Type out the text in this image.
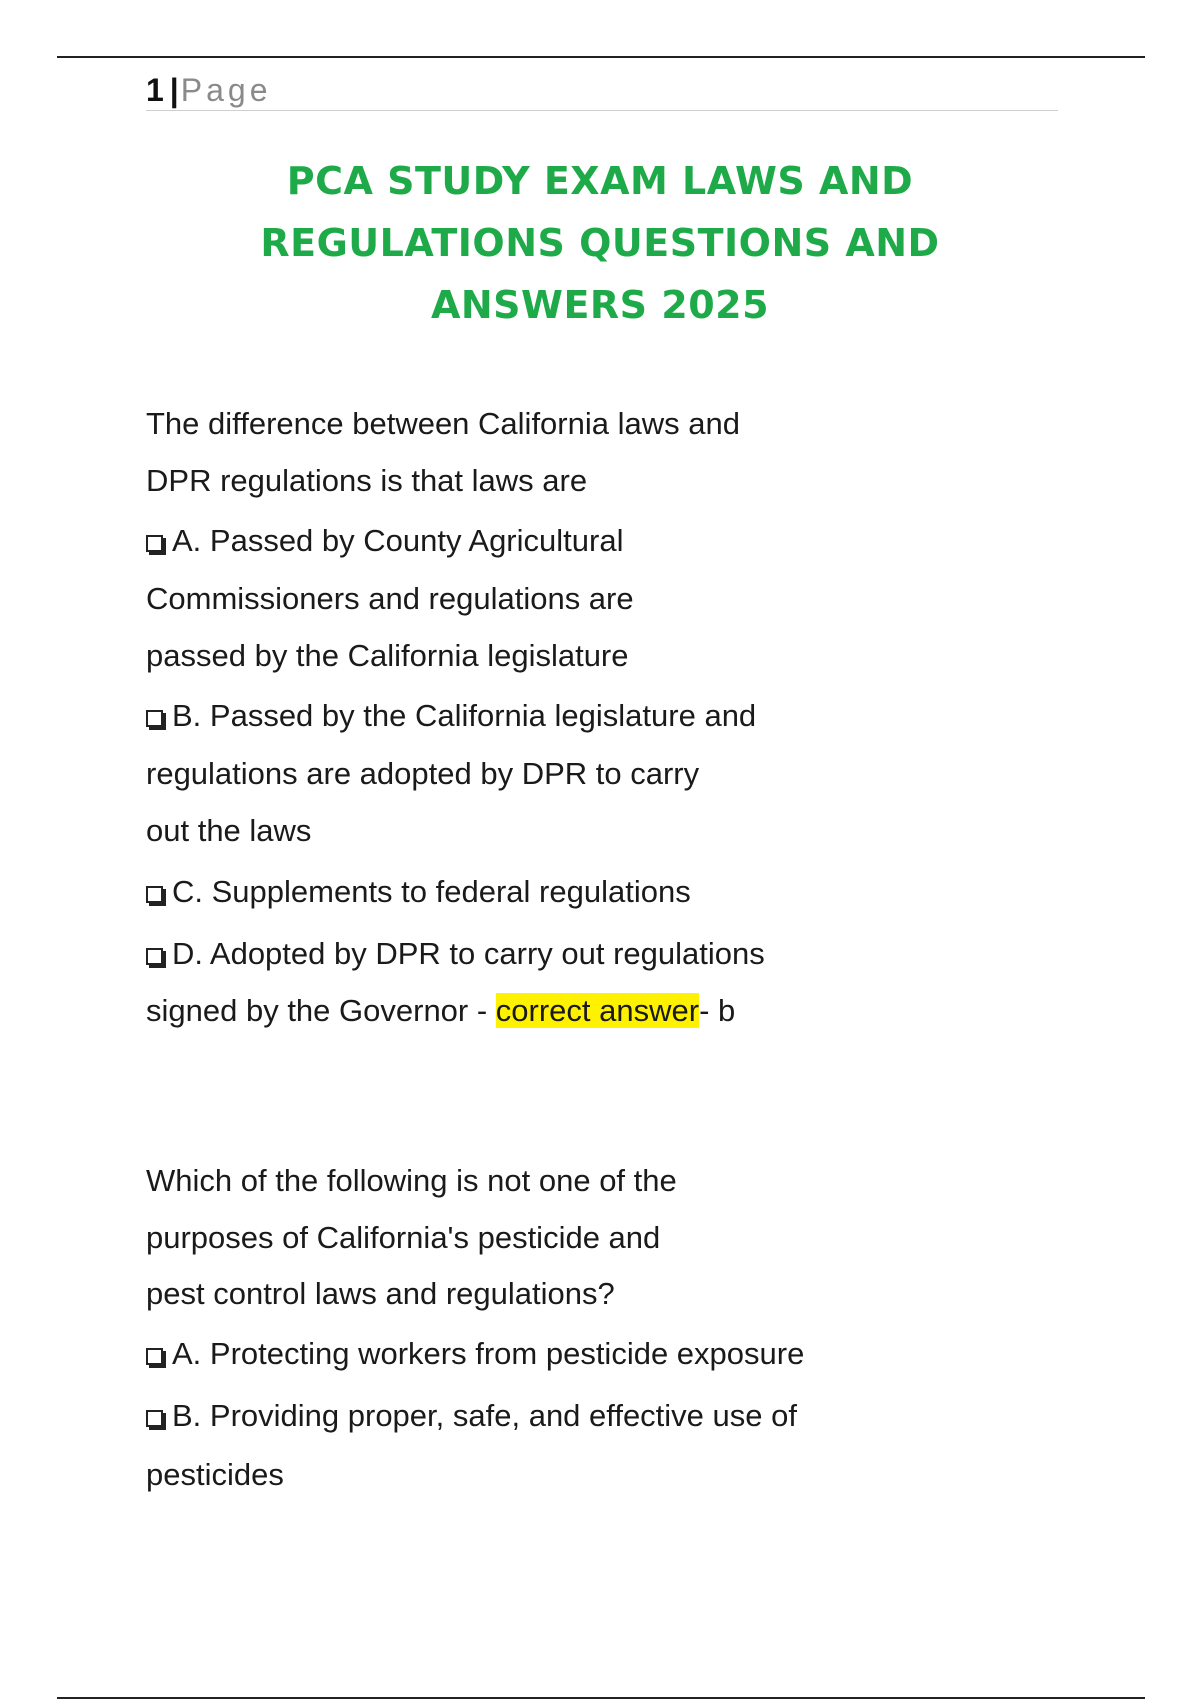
1 |Page
PCA STUDY EXAM LAWS AND
REGULATIONS QUESTIONS AND
ANSWERS 2025
The difference between California laws and
DPR regulations is that laws are
A. Passed by County Agricultural
Commissioners and regulations are
passed by the California legislature
B. Passed by the California legislature and
regulations are adopted by DPR to carry
out the laws
C. Supplements to federal regulations
D. Adopted by DPR to carry out regulations
signed by the Governor - correct answer- b
Which of the following is not one of the
purposes of California's pesticide and
pest control laws and regulations?
A. Protecting workers from pesticide exposure
B. Providing proper, safe, and effective use of
pesticides
